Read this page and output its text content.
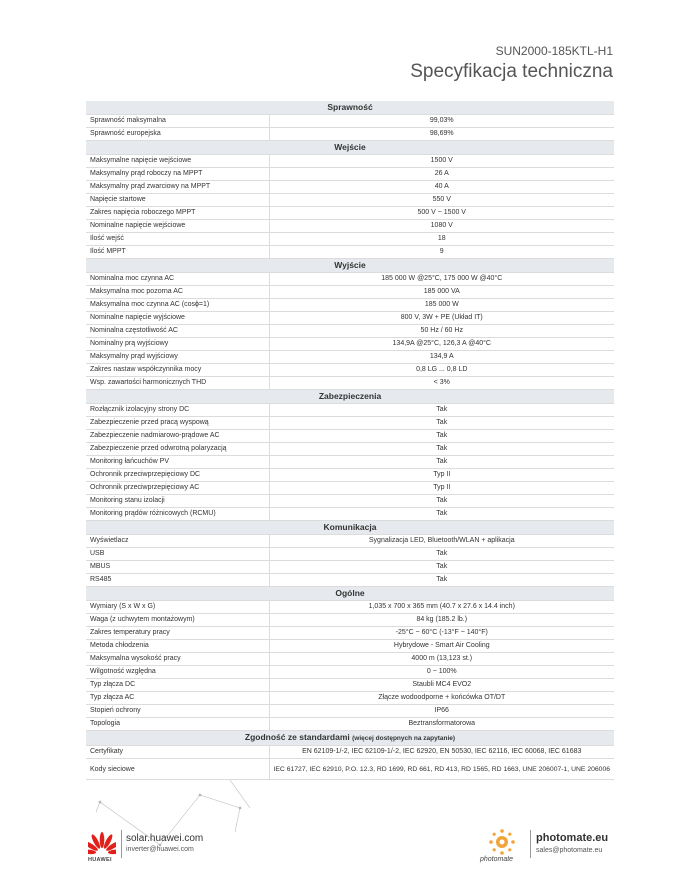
SUN2000-185KTL-H1
Specyfikacja techniczna
Sprawność	
Sprawność maksymalna	99,03%
Sprawność europejska	98,69%
Wejście	
Maksymalne napięcie wejściowe	1500 V
Maksymalny prąd roboczy na MPPT	26 A
Maksymalny prąd zwarciowy na MPPT	40 A
Napięcie startowe	550 V
Zakres napięcia roboczego MPPT	500 V ~ 1500 V
Nominalne napięcie wejściowe	1080 V
Ilość wejść	18
Ilość MPPT	9
Wyjście	
Nominalna moc czynna AC	185 000 W @25°C, 175 000 W @40°C
Maksymalna moc pozorna AC	185 000 VA
Maksymalna moc czynna AC (cosɸ=1)	185 000 W
Nominalne napięcie wyjściowe	800 V, 3W + PE (Układ IT)
Nominalna częstotliwość AC	50 Hz / 60 Hz
Nominalny prą wyjściowy	134,9A @25°C, 126,3 A @40°C
Maksymalny prąd wyjściowy	134,9 A
Zakres nastaw współczynnika mocy	0,8 LG ... 0,8 LD
Wsp. zawartości harmonicznych THD	< 3%
Zabezpieczenia	
Rozłącznik izolacyjny strony DC	Tak
Zabezpieczenie przed pracą wyspową	Tak
Zabezpieczenie nadmiarowo-prądowe AC	Tak
Zabezpieczenie przed odwrotną polaryzacją	Tak
Monitoring łańcuchów PV	Tak
Ochronnik przeciwprzepięciowy DC	Typ II
Ochronnik przeciwprzepięciowy AC	Typ II
Monitoring stanu izolacji	Tak
Monitoring prądów różnicowych (RCMU)	Tak
Komunikacja	
Wyświetlacz	Sygnalizacja LED, Bluetooth/WLAN + aplikacja
USB	Tak
MBUS	Tak
RS485	Tak
Ogólne	
Wymiary (S x W x G)	1,035 x 700 x 365 mm (40.7 x 27.6 x 14.4 inch)
Waga (z uchwytem montażowym)	84 kg (185.2 lb.)
Zakres temperatury pracy	-25°C ~ 60°C (-13°F ~ 140°F)
Metoda chłodzenia	Hybrydowe - Smart Air Cooling
Maksymalna wysokość pracy	4000 m (13,123 st.)
Wilgotność względna	0 ~ 100%
Typ złącza DC	Staubli MC4 EVO2
Typ złącza AC	Złącze wodoodporne + końcówka OT/DT
Stopień ochrony	IP66
Topologia	Beztransformatorowa
Zgodność ze standardami (więcej dostępnych na zapytanie)	
Certyfikaty	EN 62109-1/-2, IEC 62109-1/-2, IEC 62920, EN 50530, IEC 62116, IEC 60068, IEC 61683
Kody sieciowe	IEC 61727, IEC 62910, P.O. 12.3, RD 1699, RD 661, RD 413, RD 1565, RD 1663, UNE 206007-1, UNE 206006
HUAWEI
solar.huawei.com
inverter@huawei.com
photomate
photomate.eu
sales@photomate.eu
